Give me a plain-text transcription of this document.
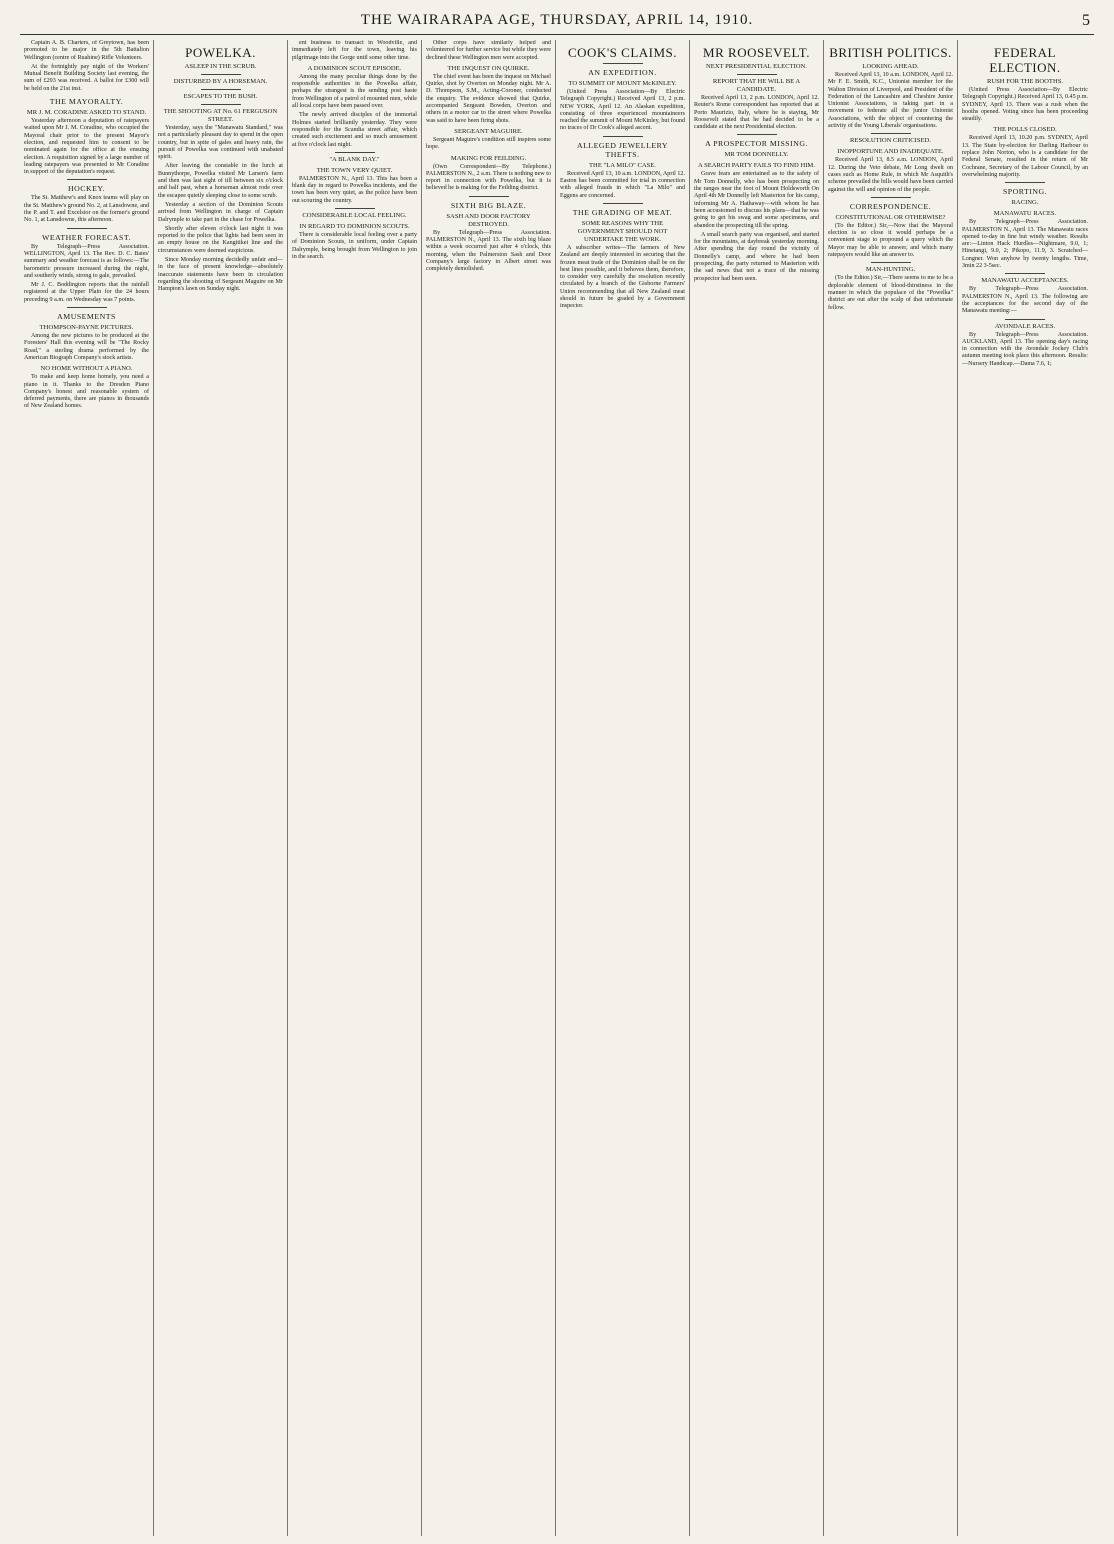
THE WAIRARAPA AGE, THURSDAY, APRIL 14, 1910.	5

Captain A. B. Charters, of Greytown, has been promoted to be major in the 5th Battalion Wellington (centre of Ruahine) Rifle Volunteers.

At the fortnightly pay night of the Workers' Mutual Benefit Building Society last evening, the sum of £293 was received. A ballot for £300 will be held on the 21st inst.

THE MAYORALTY.
MR J. M. CORADINE ASKED TO STAND.

Yesterday afternoon a deputation of ratepayers waited upon Mr J. M. Coradine, who occupied the Mayoral chair prior to the present Mayor's election, and requested him to consent to be nominated again for the office at the ensuing election. A requisition signed by a large number of leading ratepayers was presented to Mr Coradine in support of the deputation's request.

HOCKEY.

The St. Matthew's and Knox teams will play on the St. Matthew's ground No. 2, at Lansdowne, and the P. and T. and Excelsior on the former's ground No. 1, at Lansdowne, this afternoon.

WEATHER FORECAST.

By Telegraph—Press Association. WELLINGTON, April 13. The Rev. D. C. Bates' summary and weather forecast is as follows:—The barometric pressure increased during the night, and southerly winds, strong to gale, prevailed.

Mr J. C. Boddington reports that the rainfall registered at the Upper Plain for the 24 hours preceding 9 a.m. on Wednesday was 7 points.

AMUSEMENTS
THOMPSON-PAYNE PICTURES.

Among the new pictures to be produced at the Foresters' Hall this evening will be "The Rocky Road," a sterling drama performed by the American Biograph Company's stock artists.

NO HOME WITHOUT A PIANO.

To make and keep home homely, you need a piano in it. Thanks to the Dresden Piano Company's honest and reasonable system of deferred payments, there are pianos in thousands of New Zealand homes.

POWELKA.
ASLEEP IN THE SCRUB.
DISTURBED BY A HORSEMAN.
ESCAPES TO THE BUSH.
THE SHOOTING AT No. 61 FERGUSON STREET.

Yesterday, says the "Manawatu Standard," was not a particularly pleasant day to spend in the open country, but in spite of gales and heavy rain, the pursuit of Powelka was continued with unabated spirit.

After leaving the constable in the lurch at Bunnythorpe, Powelka visited Mr Larsen's farm and then was last sight of till between six o'clock and half past, when a horseman almost rode over the escapee quietly sleeping close to some scrub.

Yesterday a section of the Dominion Scouts arrived from Wellington in charge of Captain Dalrymple to take part in the chase for Powelka.

Shortly after eleven o'clock last night it was reported to the police that lights had been seen in an empty house on the Kangitikei line and the circumstances were deemed suspicious.

Since Monday morning decidedly unfair and—in the face of present knowledge—absolutely inaccurate statements have been in circulation regarding the shooting of Sergeant Maguire on Mr Hampton's lawn on Sunday night.

ent business to transact in Woodville, and immediately left for the town, leaving his pilgrimage into the Gorge until some other time.

A DOMINION SCOUT EPISODE.

Among the many peculiar things done by the responsible authorities in the Powelka affair, perhaps the strangest is the sending post haste from Wellington of a patrol of mounted men, while all local corps have been passed over.

The newly arrived disciples of the immortal Holmes started brilliantly yesterday. They were responsible for the Scandia street affair, which created such excitement and so much amusement at five o'clock last night.

"A BLANK DAY."
THE TOWN VERY QUIET.

PALMERSTON N., April 13. This has been a blank day in regard to Powelka incidents, and the town has been very quiet, as the police have been out scouring the country.

CONSIDERABLE LOCAL FEELING.
IN REGARD TO DOMINION SCOUTS.

There is considerable local feeling over a party of Dominion Scouts, in uniform, under Captain Dalrymple, being brought from Wellington to join in the search.

Other corps have similarly helped and volunteered for further service but while they were declined these Wellington men were accepted.

THE INQUEST ON QUIRKE.

The chief event has been the inquest on Michael Quirke, shot by Overton on Monday night. Mr A. D. Thompson, S.M., Acting-Coroner, conducted the enquiry. The evidence showed that Quirke, accompanied Sergeant Bowden, Overton and others in a motor car to the street where Powelka was said to have been firing shots.

SERGEANT MAGUIRE.

Sergeant Maguire's condition still inspires some hope.

MAKING FOR FEILDING.

(Own Correspondent—By Telephone.) PALMERSTON N., 2 a.m. There is nothing new to report in connection with Powelka, but it is believed he is making for the Feilding district.

SIXTH BIG BLAZE.
SASH AND DOOR FACTORY DESTROYED.

By Telegraph—Press Association. PALMERSTON N., April 13. The sixth big blaze within a week occurred just after 4 o'clock, this morning, when the Palmerston Sash and Door Company's large factory in Albert street was completely demolished.

COOK'S CLAIMS.
AN EXPEDITION.
TO SUMMIT OF MOUNT McKINLEY.

(United Press Association—By Electric Telegraph Copyright.) Received April 13, 2 p.m. NEW YORK, April 12. An Alaskan expedition, consisting of three experienced mountaineers reached the summit of Mount McKinley, but found no traces of Dr Cook's alleged ascent.

ALLEGED JEWELLERY THEFTS.
THE "LA MILO" CASE.

Received April 13, 10 a.m. LONDON, April 12. Easton has been committed for trial in connection with alleged frauds in which "La Milo" and Eggens are concerned.

THE GRADING OF MEAT.
SOME REASONS WHY THE GOVERNMENT SHOULD NOT UNDERTAKE THE WORK.

A subscriber writes—The farmers of New Zealand are deeply interested in securing that the frozen meat trade of the Dominion shall be on the best lines possible, and it behoves them, therefore, to consider very carefully the resolution recently circulated by a branch of the Gisborne Farmers' Union recommending that all New Zealand meat should in future be graded by a Government inspector.

MR ROOSEVELT.
NEXT PRESIDENTIAL ELECTION.
REPORT THAT HE WILL BE A CANDIDATE.

Received April 13, 2 p.m. LONDON, April 12. Reuter's Rome correspondent has reported that at Porto Maurizio, Italy, where he is staying, Mr Roosevelt stated that he had decided to be a candidate at the next Presidential election.

A PROSPECTOR MISSING.
MR TOM DONNELLY.
A SEARCH PARTY FAILS TO FIND HIM.

Grave fears are entertained as to the safety of Mr Tom Donnelly, who has been prospecting on the ranges near the foot of Mount Holdsworth On April 4th Mr Donnelly left Masterton for his camp, informing Mr A. Hathaway—with whom he has been accustomed to discuss his plans—that he was going to get his swag and some specimens, and abandon the prospecting till the spring.

A small search party was organised, and started for the mountains, at daybreak yesterday morning. After spending the day round the vicinity of Donnelly's camp, and where he had been prospecting, the party returned to Masterton with the sad news that not a trace of the missing prospector had been seen.

BRITISH POLITICS.
LOOKING AHEAD.

Received April 13, 10 a.m. LONDON, April 12. Mr F. E. Smith, K.C., Unionist member for the Walton Division of Liverpool, and President of the Federation of the Lancashire and Cheshire Junior Unionist Associations, is taking part in a movement to federate all the junior Unionist Associations, with the object of countering the activity of the Young Liberals' organisations.

RESOLUTION CRITICISED.
INOPPORTUNE AND INADEQUATE.

Received April 13, 8.5 a.m. LONDON, April 12. During the Veto debate, Mr Long dwelt on cases such as Home Rule, in which Mr Asquith's scheme prevailed the bills would have been carried against the will and opinion of the people.

CORRESPONDENCE.
CONSTITUTIONAL OR OTHERWISE?

(To the Editor.) Sir,—Now that the Mayoral election is so close it would perhaps be a convenient stage to propound a query which the Mayor may be able to answer, and which many ratepayers would like an answer to.

MAN-HUNTING.

(To the Editor.) Sir,—There seems to me to be a deplorable element of blood-thirstiness in the manner in which the populace of the "Powelka" district are out after the scalp of that unfortunate fellow.

FEDERAL ELECTION.
RUSH FOR THE BOOTHS.

(United Press Association—By Electric Telegraph Copyright.) Received April 13, 0.45 p.m. SYDNEY, April 13. There was a rush when the booths opened. Voting since has been proceeding steadily.

THE POLLS CLOSED.

Received April 13, 10.20 p.m. SYDNEY, April 13. The State by-election for Darling Harbour to replace John Norton, who is a candidate for the Federal Senate, resulted in the return of Mr Cochrane, Secretary of the Labour Council, by an overwhelming majority.

SPORTING.
RACING.
MANAWATU RACES.

By Telegraph—Press Association. PALMERSTON N., April 13. The Manawatu races opened to-day in fine but windy weather. Results are:—Linton Hack Hurdles—Nightmare, 9.0, 1; Hinetangi, 9.0, 2; Pikopo, 11.9, 3. Scratched—Longner. Won anyhow by twenty lengths. Time, 3min 22 3-5sec.

MANAWATU ACCEPTANCES.

By Telegraph—Press Association. PALMERSTON N., April 13. The following are the acceptances for the second day of the Manawatu meeting:—

AVONDALE RACES.

By Telegraph—Press Association. AUCKLAND, April 13. The opening day's racing in connection with the Avondale Jockey Club's autumn meeting took place this afternoon. Results:—Nursery Handicap.—Dama 7.6, 1;
